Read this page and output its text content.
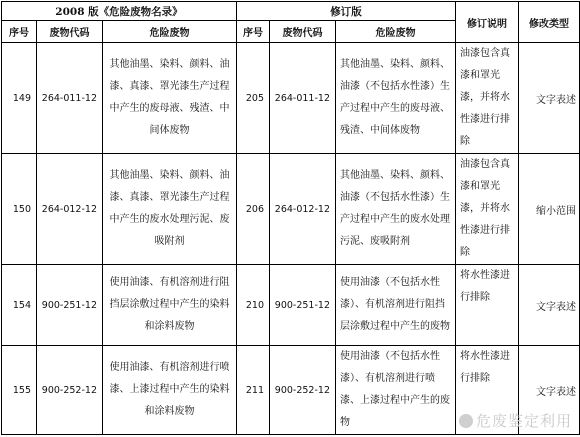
2008 版《危险废物名录》			修订版			修订说明	修改类型
序号	废物代码	危险废物	序号	废物代码	危险废物		
149	264-011-12	其他油墨、染料、颜料、油漆、真漆、罩光漆生产过程中产生的废母液、残渣、中间体废物	205	264-011-12	其他油墨、染料、颜料、油漆（不包括水性漆）生产过程中产生的废母液、残渣、中间体废物	油漆包含真漆和罩光漆，并将水性漆进行排除	文字表述
150	264-012-12	其他油墨、染料、颜料、油漆、真漆、罩光漆生产过程中产生的废水处理污泥、废吸附剂	206	264-012-12	其他油墨、染料、颜料、油漆（不包括水性漆）生产过程中产生的废水处理污泥、废吸附剂	油漆包含真漆和罩光漆，并将水性漆进行排除	缩小范围
154	900-251-12	使用油漆、有机溶剂进行阻挡层涂敷过程中产生的染料和涂料废物	210	900-251-12	使用油漆（不包括水性漆）、有机溶剂进行阻挡层涂敷过程中产生的废物	将水性漆进行排除	文字表述
155	900-252-12	使用油漆、有机溶剂进行喷漆、上漆过程中产生的染料和涂料废物	211	900-252-12	使用油漆（不包括水性漆）、有机溶剂进行喷漆、上漆过程中产生的废物	将水性漆进行排除	文字表述
危废鉴定利用
